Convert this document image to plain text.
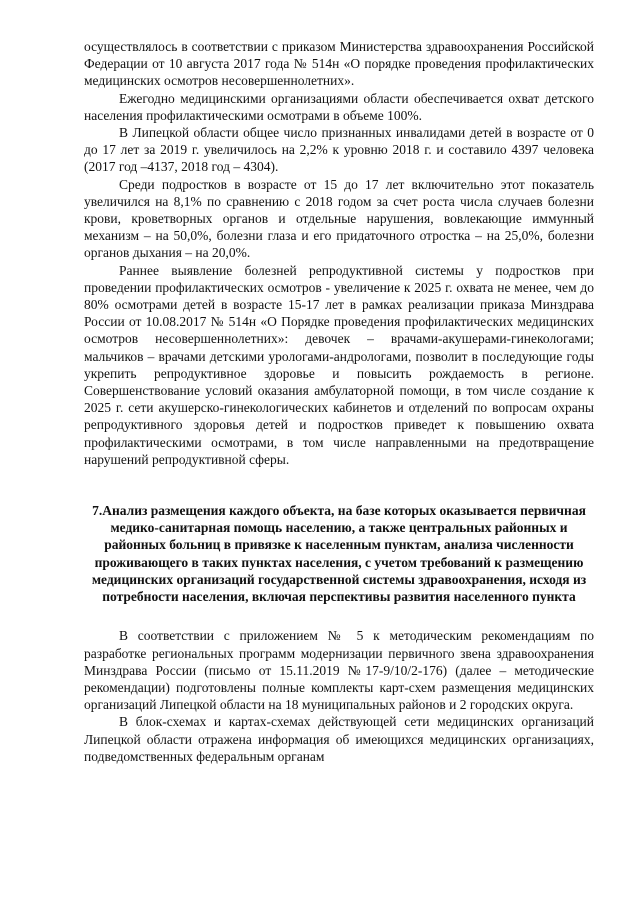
осуществлялось в соответствии с приказом Министерства здравоохранения Российской Федерации от 10 августа 2017 года № 514н «О порядке проведения профилактических медицинских осмотров несовершеннолетних».

Ежегодно медицинскими организациями области обеспечивается охват детского населения профилактическими осмотрами в объеме 100%.

В Липецкой области общее число признанных инвалидами детей в возрасте от 0 до 17 лет за 2019 г. увеличилось на 2,2% к уровню 2018 г. и составило 4397 человека (2017 год –4137, 2018 год – 4304).

Среди подростков в возрасте от 15 до 17 лет включительно этот показатель увеличился на 8,1% по сравнению с 2018 годом за счет роста числа случаев болезни крови, кроветворных органов и отдельные нарушения, вовлекающие иммунный механизм – на 50,0%, болезни глаза и его придаточного отростка – на 25,0%, болезни органов дыхания – на 20,0%.

Раннее выявление болезней репродуктивной системы у подростков при проведении профилактических осмотров - увеличение к 2025 г. охвата не менее, чем до 80% осмотрами детей в возрасте 15-17 лет в рамках реализации приказа Минздрава России от 10.08.2017 № 514н «О Порядке проведения профилактических медицинских осмотров несовершеннолетних»: девочек – врачами-акушерами-гинекологами; мальчиков – врачами детскими урологами-андрологами, позволит в последующие годы укрепить репродуктивное здоровье и повысить рождаемость в регионе. Совершенствование условий оказания амбулаторной помощи, в том числе создание к 2025 г. сети акушерско-гинекологических кабинетов и отделений по вопросам охраны репродуктивного здоровья детей и подростков приведет к повышению охвата профилактическими осмотрами, в том числе направленными на предотвращение нарушений репродуктивной сферы.

7.Анализ размещения каждого объекта, на базе которых оказывается первичная медико-санитарная помощь населению, а также центральных районных и районных больниц в привязке к населенным пунктам, анализа численности проживающего в таких пунктах населения, с учетом требований к размещению медицинских организаций государственной системы здравоохранения, исходя из потребности населения, включая перспективы развития населенного пункта

В соответствии с приложением № 5 к методическим рекомендациям по разработке региональных программ модернизации первичного звена здравоохранения Минздрава России (письмо от 15.11.2019 №17-9/10/2-176) (далее – методические рекомендации) подготовлены полные комплекты карт-схем размещения медицинских организаций Липецкой области на 18 муниципальных районов и 2 городских округа.

В блок-схемах и картах-схемах действующей сети медицинских организаций Липецкой области отражена информация об имеющихся медицинских организациях, подведомственных федеральным органам
